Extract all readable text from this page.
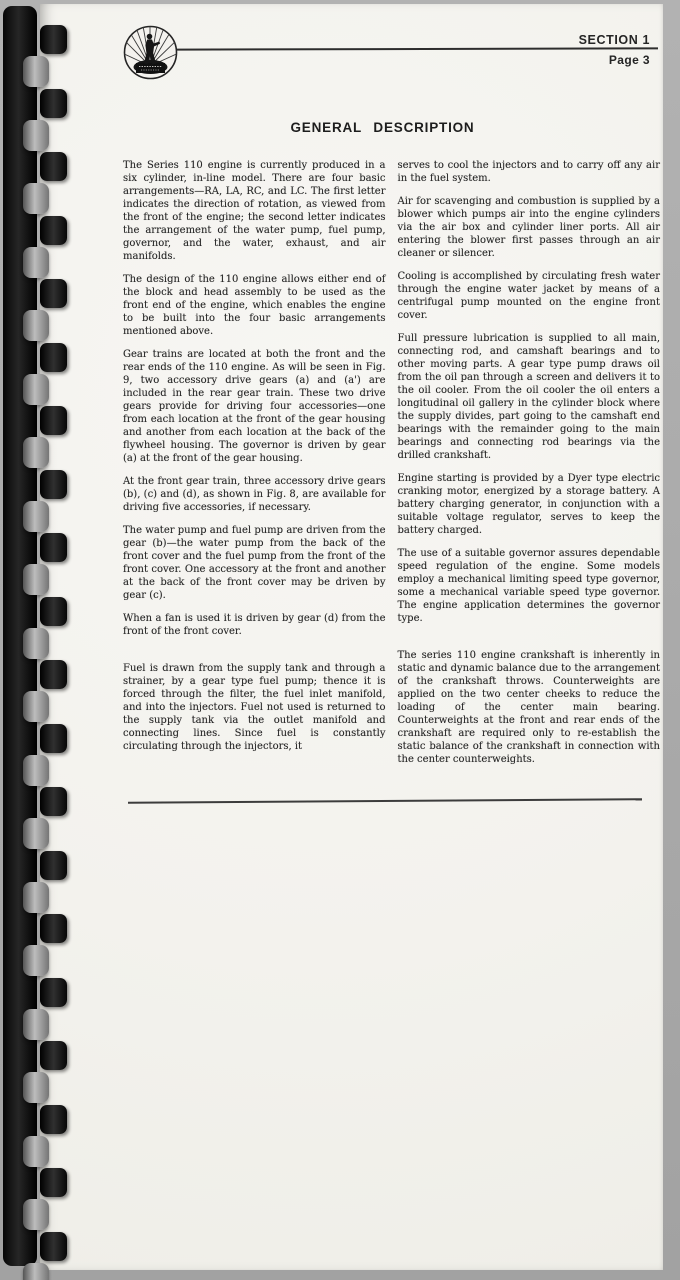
SECTION 1
Page 3
GENERAL DESCRIPTION

The Series 110 engine is currently produced in a six cylinder, in-line model. There are four basic arrangements—RA, LA, RC, and LC. The first letter indicates the direction of rotation, as viewed from the front of the engine; the second letter indicates the arrangement of the water pump, fuel pump, governor, and the water, exhaust, and air manifolds.

The design of the 110 engine allows either end of the block and head assembly to be used as the front end of the engine, which enables the engine to be built into the four basic arrangements mentioned above.

Gear trains are located at both the front and the rear ends of the 110 engine. As will be seen in Fig. 9, two accessory drive gears (a) and (a') are included in the rear gear train. These two drive gears provide for driving four accessories—one from each location at the front of the gear housing and another from each location at the back of the flywheel housing. The governor is driven by gear (a) at the front of the gear housing.

At the front gear train, three accessory drive gears (b), (c) and (d), as shown in Fig. 8, are available for driving five accessories, if necessary.

The water pump and fuel pump are driven from the gear (b)—the water pump from the back of the front cover and the fuel pump from the front of the front cover. One accessory at the front and another at the back of the front cover may be driven by gear (c).

When a fan is used it is driven by gear (d) from the front of the front cover.

Fuel is drawn from the supply tank and through a strainer, by a gear type fuel pump; thence it is forced through the filter, the fuel inlet manifold, and into the injectors. Fuel not used is returned to the supply tank via the outlet manifold and connecting lines. Since fuel is constantly circulating through the injectors, it

serves to cool the injectors and to carry off any air in the fuel system.

Air for scavenging and combustion is supplied by a blower which pumps air into the engine cylinders via the air box and cylinder liner ports. All air entering the blower first passes through an air cleaner or silencer.

Cooling is accomplished by circulating fresh water through the engine water jacket by means of a centrifugal pump mounted on the engine front cover.

Full pressure lubrication is supplied to all main, connecting rod, and camshaft bearings and to other moving parts. A gear type pump draws oil from the oil pan through a screen and delivers it to the oil cooler. From the oil cooler the oil enters a longitudinal oil gallery in the cylinder block where the supply divides, part going to the camshaft end bearings with the remainder going to the main bearings and connecting rod bearings via the drilled crankshaft.

Engine starting is provided by a Dyer type electric cranking motor, energized by a storage battery. A battery charging generator, in conjunction with a suitable voltage regulator, serves to keep the battery charged.

The use of a suitable governor assures dependable speed regulation of the engine. Some models employ a mechanical limiting speed type governor, some a mechanical variable speed type governor. The engine application determines the governor type.

The series 110 engine crankshaft is inherently in static and dynamic balance due to the arrangement of the crankshaft throws. Counterweights are applied on the two center cheeks to reduce the loading of the center main bearing. Counterweights at the front and rear ends of the crankshaft are required only to re-establish the static balance of the crankshaft in connection with the center counterweights.
